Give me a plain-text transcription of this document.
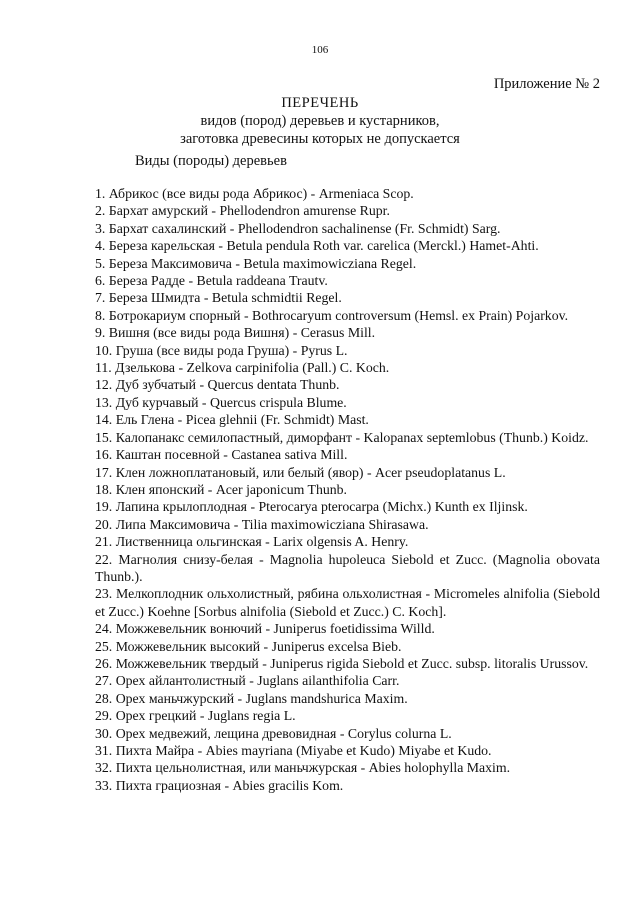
106
Приложение № 2
ПЕРЕЧЕНЬ
видов (пород) деревьев и кустарников,
заготовка древесины которых не допускается
Виды (породы) деревьев
1. Абрикос (все виды рода Абрикос) - Armeniaca Scop.
2. Бархат амурский - Phellodendron amurense Rupr.
3. Бархат сахалинский - Phellodendron sachalinense (Fr. Schmidt) Sarg.
4. Береза карельская - Betula pendula Roth var. carelica (Merckl.) Hamet-Ahti.
5. Береза Максимовича - Betula maximowicziana Regel.
6. Береза Радде - Betula raddeana Trautv.
7. Береза Шмидта - Betula schmidtii Regel.
8. Ботрокариум спорный - Bothrocaryum controversum (Hemsl. ex Prain) Pojarkov.
9. Вишня (все виды рода Вишня) - Cerasus Mill.
10. Груша (все виды рода Груша) - Pyrus L.
11. Дзелькова - Zelkova carpinifolia (Pall.) C. Koch.
12. Дуб зубчатый - Quercus dentata Thunb.
13. Дуб курчавый - Quercus crispula Blume.
14. Ель Глена - Picea glehnii (Fr. Schmidt) Mast.
15. Калопанакс семилопастный, диморфант - Kalopanax septemlobus (Thunb.) Koidz.
16. Каштан посевной - Castanea sativa Mill.
17. Клен ложноплатановый, или белый (явор) - Acer pseudoplatanus L.
18. Клен японский - Acer japonicum Thunb.
19. Лапина крылоплодная - Pterocarya pterocarpa (Michx.) Kunth ex Iljinsk.
20. Липа Максимовича - Tilia maximowicziana Shirasawa.
21. Лиственница ольгинская - Larix olgensis A. Henry.
22. Магнолия снизу-белая - Magnolia hupoleuca Siebold et Zucc. (Magnolia obovata Thunb.).
23. Мелкоплодник ольхолистный, рябина ольхолистная - Micromeles alnifolia (Siebold et Zucc.) Koehne [Sorbus alnifolia (Siebold et Zucc.) C. Koch].
24. Можжевельник вонючий - Juniperus foetidissima Willd.
25. Можжевельник высокий - Juniperus excelsa Bieb.
26. Можжевельник твердый - Juniperus rigida Siebold et Zucc. subsp. litoralis Urussov.
27. Орех айлантолистный - Juglans ailanthifolia Carr.
28. Орех маньчжурский - Juglans mandshurica Maxim.
29. Орех грецкий - Juglans regia L.
30. Орех медвежий, лещина древовидная - Corylus colurna L.
31. Пихта Майра - Abies mayriana (Miyabe et Kudo) Miyabe et Kudo.
32. Пихта цельнолистная, или маньчжурская - Abies holophylla Maxim.
33. Пихта грациозная - Abies gracilis Kom.
